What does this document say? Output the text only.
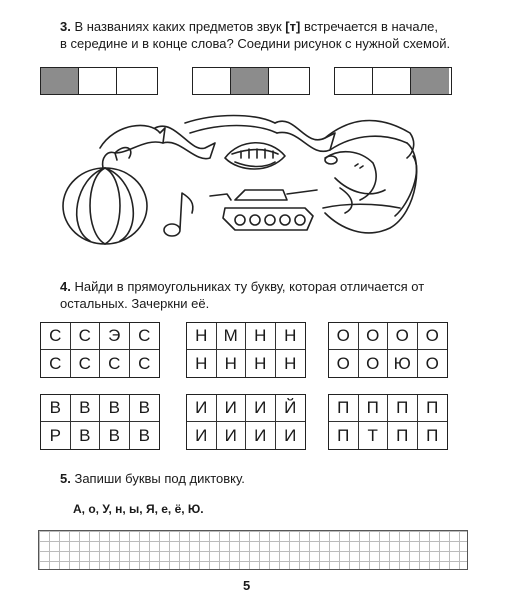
3. В названиях каких предметов звук [т] встречается в начале,
в середине и в конце слова? Соедини рисунок с нужной схемой.
4. Найди в прямоугольниках ту букву, которая отличается от
остальных. Зачеркни её.
С	С	Э	С
С	С	С	С
Н М Н	Н
Н	Н	Н	Н
О О О О
О О Ю О
В	В	В	В
Р	В	В	В
И	И	И	Й
И	И	И	И
П	П	П	П
П	Т	П	П
5. Запиши буквы под диктовку.
А, о, У, н, ы, Я, е, ё, Ю.
5
